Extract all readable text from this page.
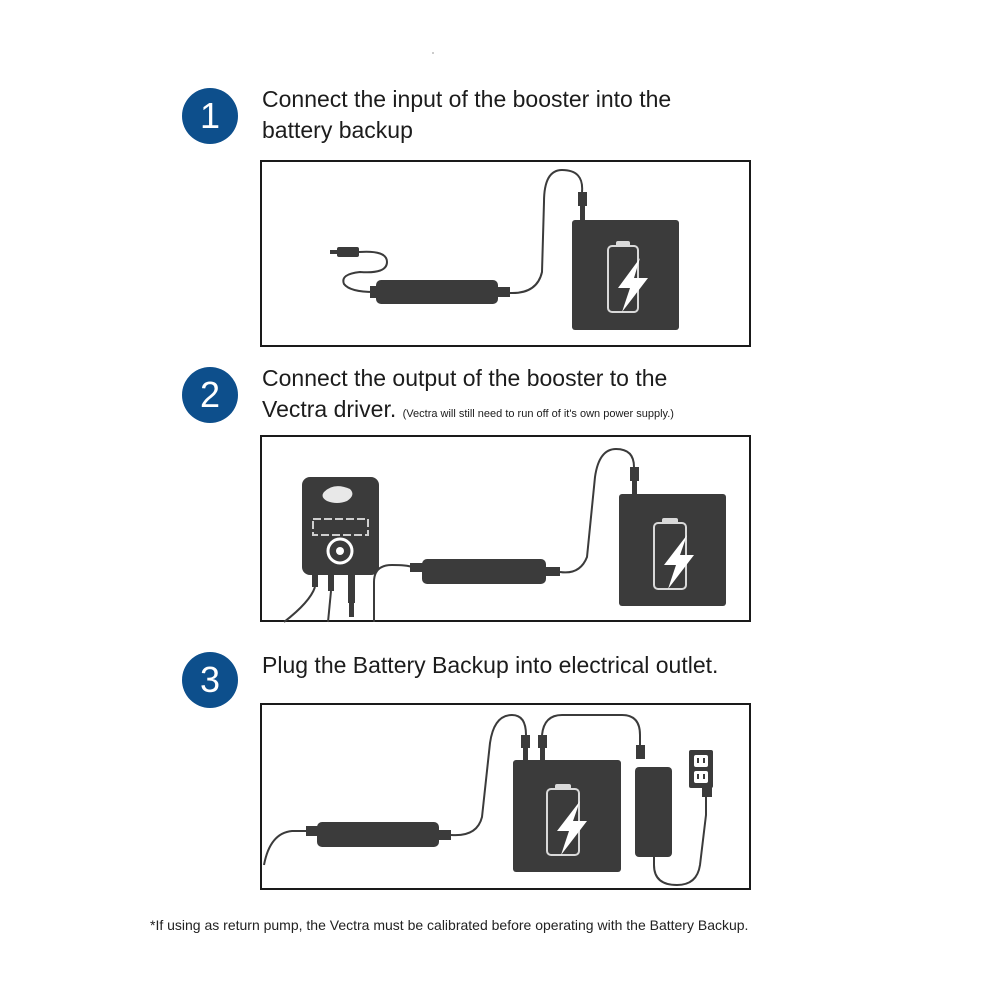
1	Connect the input of the booster into the
battery backup
2	Connect the output of the booster to the
Vectra driver. (Vectra will still need to run off of it's own power supply.)
3	Plug the Battery Backup into electrical outlet.
*If using as return pump, the Vectra must be calibrated before operating with the Battery Backup.
